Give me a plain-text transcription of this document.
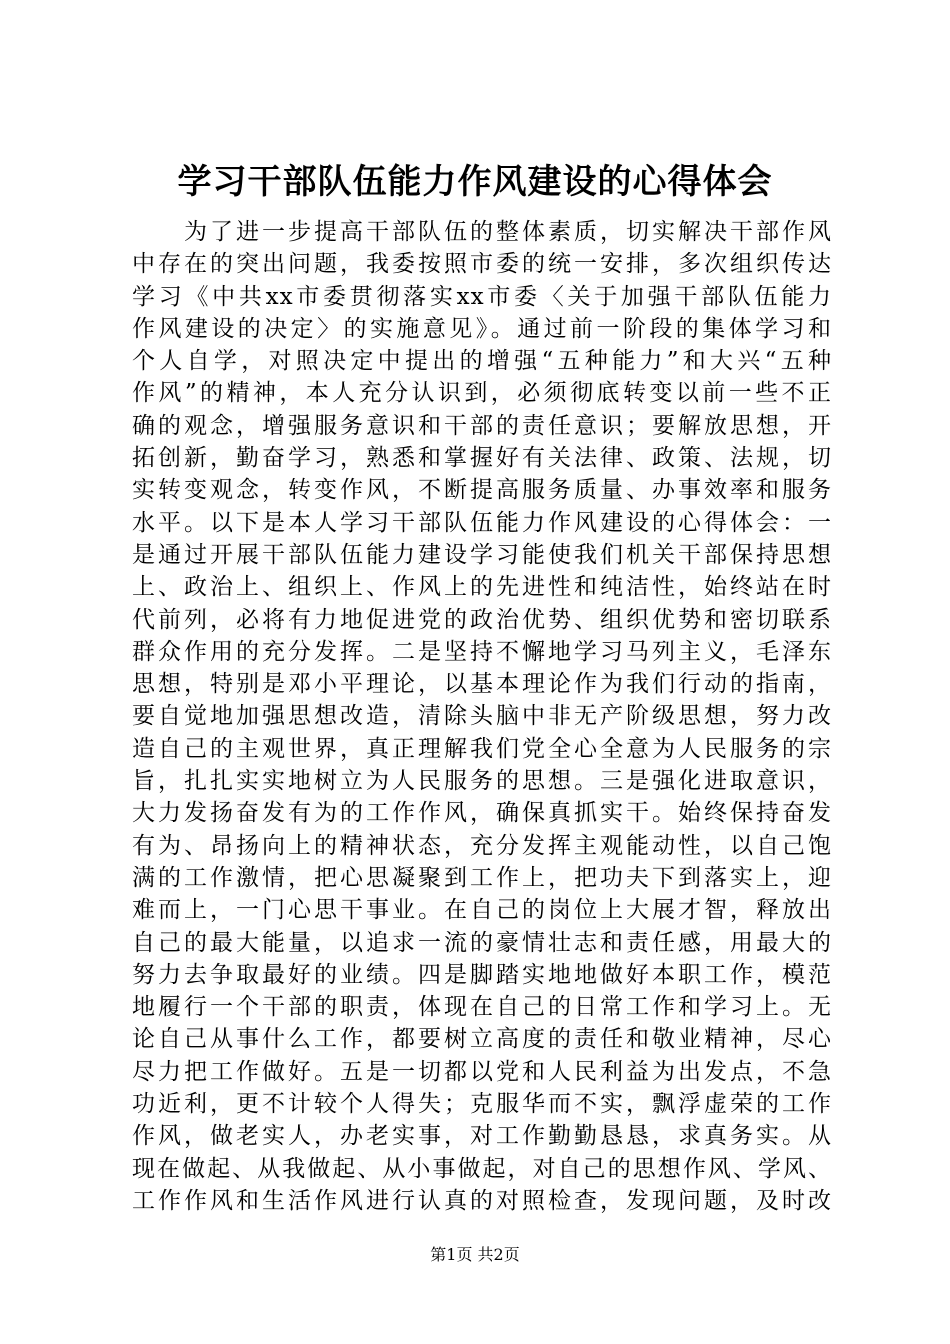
学习干部队伍能力作风建设的心得体会
　　为了进一步提高干部队伍的整体素质，切实解决干部作风
中存在的突出问题，我委按照市委的统一安排，多次组织传达
学习《中共xx市委贯彻落实xx市委〈关于加强干部队伍能力
作风建设的决定〉的实施意见》。通过前一阶段的集体学习和
个人自学，对照决定中提出的增强“五种能力”和大兴“五种
作风”的精神，本人充分认识到，必须彻底转变以前一些不正
确的观念，增强服务意识和干部的责任意识；要解放思想，开
拓创新，勤奋学习，熟悉和掌握好有关法律、政策、法规，切
实转变观念，转变作风，不断提高服务质量、办事效率和服务
水平。以下是本人学习干部队伍能力作风建设的心得体会：一
是通过开展干部队伍能力建设学习能使我们机关干部保持思想
上、政治上、组织上、作风上的先进性和纯洁性，始终站在时
代前列，必将有力地促进党的政治优势、组织优势和密切联系
群众作用的充分发挥。二是坚持不懈地学习马列主义，毛泽东
思想，特别是邓小平理论，以基本理论作为我们行动的指南，
要自觉地加强思想改造，清除头脑中非无产阶级思想，努力改
造自己的主观世界，真正理解我们党全心全意为人民服务的宗
旨，扎扎实实地树立为人民服务的思想。三是强化进取意识，
大力发扬奋发有为的工作作风，确保真抓实干。始终保持奋发
有为、昂扬向上的精神状态，充分发挥主观能动性，以自己饱
满的工作激情，把心思凝聚到工作上，把功夫下到落实上，迎
难而上，一门心思干事业。在自己的岗位上大展才智，释放出
自己的最大能量，以追求一流的豪情壮志和责任感，用最大的
努力去争取最好的业绩。四是脚踏实地地做好本职工作，模范
地履行一个干部的职责，体现在自己的日常工作和学习上。无
论自己从事什么工作，都要树立高度的责任和敬业精神，尽心
尽力把工作做好。五是一切都以党和人民利益为出发点，不急
功近利，更不计较个人得失；克服华而不实，飘浮虚荣的工作
作风，做老实人，办老实事，对工作勤勤恳恳，求真务实。从
现在做起、从我做起、从小事做起，对自己的思想作风、学风、
工作作风和生活作风进行认真的对照检查，发现问题，及时改
第1页 共2页
